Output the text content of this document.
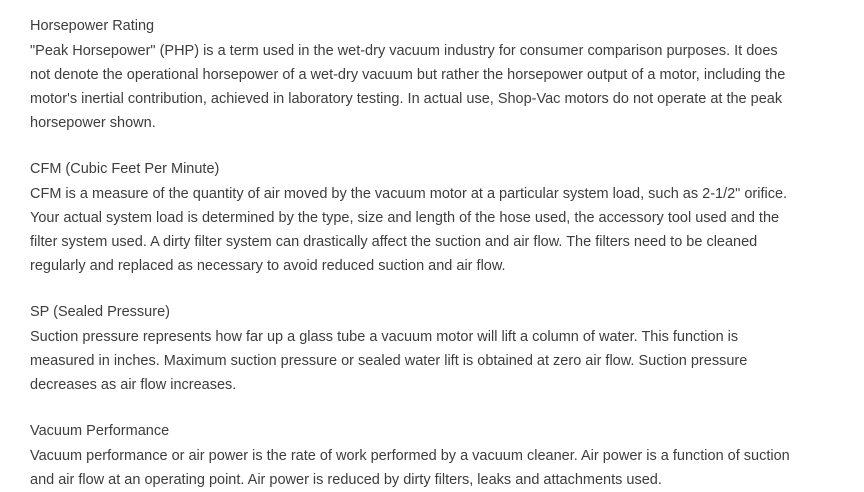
Horsepower Rating

"Peak Horsepower" (PHP) is a term used in the wet-dry vacuum industry for consumer comparison purposes. It does not denote the operational horsepower of a wet-dry vacuum but rather the horsepower output of a motor, including the motor's inertial contribution, achieved in laboratory testing. In actual use, Shop-Vac motors do not operate at the peak horsepower shown.

CFM (Cubic Feet Per Minute)

CFM is a measure of the quantity of air moved by the vacuum motor at a particular system load, such as 2-1/2" orifice. Your actual system load is determined by the type, size and length of the hose used, the accessory tool used and the filter system used. A dirty filter system can drastically affect the suction and air flow. The filters need to be cleaned regularly and replaced as necessary to avoid reduced suction and air flow.

SP (Sealed Pressure)

Suction pressure represents how far up a glass tube a vacuum motor will lift a column of water. This function is measured in inches. Maximum suction pressure or sealed water lift is obtained at zero air flow. Suction pressure decreases as air flow increases.

Vacuum Performance

Vacuum performance or air power is the rate of work performed by a vacuum cleaner. Air power is a function of suction and air flow at an operating point. Air power is reduced by dirty filters, leaks and attachments used.
